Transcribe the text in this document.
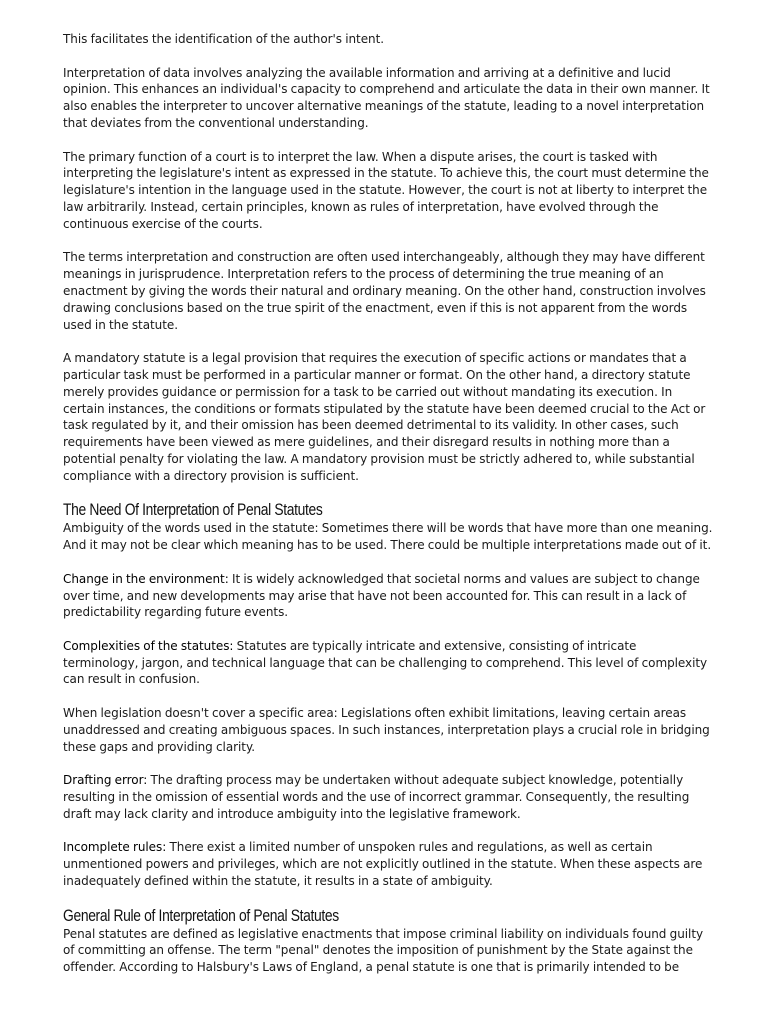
This facilitates the identification of the author's intent.

Interpretation of data involves analyzing the available information and arriving at a definitive and lucid opinion. This enhances an individual's capacity to comprehend and articulate the data in their own manner. It also enables the interpreter to uncover alternative meanings of the statute, leading to a novel interpretation that deviates from the conventional understanding.

The primary function of a court is to interpret the law. When a dispute arises, the court is tasked with interpreting the legislature's intent as expressed in the statute. To achieve this, the court must determine the legislature's intention in the language used in the statute. However, the court is not at liberty to interpret the law arbitrarily. Instead, certain principles, known as rules of interpretation, have evolved through the continuous exercise of the courts.

The terms interpretation and construction are often used interchangeably, although they may have different meanings in jurisprudence. Interpretation refers to the process of determining the true meaning of an enactment by giving the words their natural and ordinary meaning. On the other hand, construction involves drawing conclusions based on the true spirit of the enactment, even if this is not apparent from the words used in the statute.

A mandatory statute is a legal provision that requires the execution of specific actions or mandates that a particular task must be performed in a particular manner or format. On the other hand, a directory statute merely provides guidance or permission for a task to be carried out without mandating its execution. In certain instances, the conditions or formats stipulated by the statute have been deemed crucial to the Act or task regulated by it, and their omission has been deemed detrimental to its validity. In other cases, such requirements have been viewed as mere guidelines, and their disregard results in nothing more than a potential penalty for violating the law. A mandatory provision must be strictly adhered to, while substantial compliance with a directory provision is sufficient.

The Need Of Interpretation of Penal Statutes

Ambiguity of the words used in the statute: Sometimes there will be words that have more than one meaning. And it may not be clear which meaning has to be used. There could be multiple interpretations made out of it.

Change in the environment: It is widely acknowledged that societal norms and values are subject to change over time, and new developments may arise that have not been accounted for. This can result in a lack of predictability regarding future events.

Complexities of the statutes: Statutes are typically intricate and extensive, consisting of intricate terminology, jargon, and technical language that can be challenging to comprehend. This level of complexity can result in confusion.

When legislation doesn't cover a specific area: Legislations often exhibit limitations, leaving certain areas unaddressed and creating ambiguous spaces. In such instances, interpretation plays a crucial role in bridging these gaps and providing clarity.

Drafting error: The drafting process may be undertaken without adequate subject knowledge, potentially resulting in the omission of essential words and the use of incorrect grammar. Consequently, the resulting draft may lack clarity and introduce ambiguity into the legislative framework.

Incomplete rules: There exist a limited number of unspoken rules and regulations, as well as certain unmentioned powers and privileges, which are not explicitly outlined in the statute. When these aspects are inadequately defined within the statute, it results in a state of ambiguity.

General Rule of Interpretation of Penal Statutes

Penal statutes are defined as legislative enactments that impose criminal liability on individuals found guilty of committing an offense. The term "penal" denotes the imposition of punishment by the State against the offender. According to Halsbury's Laws of England, a penal statute is one that is primarily intended to be
